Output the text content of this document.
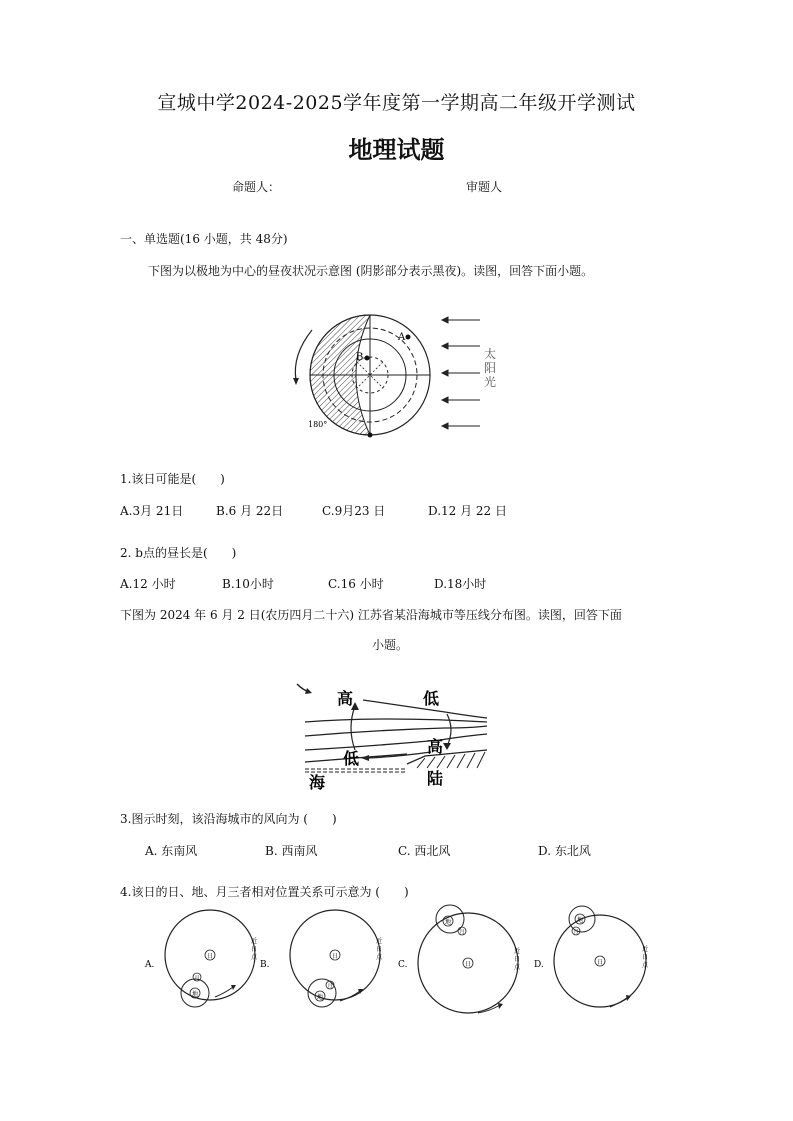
宣城中学2024-2025学年度第一学期高二年级开学测试
地理试题
命题人：	审题人
一、单选题(16 小题，共 48分)
下图为以极地为中心的昼夜状况示意图 (阴影部分表示黑夜)。读图，回答下面小题。
A
B
180°
太
阳
光
1.该日可能是(　　)
A.3月 21日	B.6 月 22日	C.9月23 日	D.12 月 22 日
2. b点的昼长是(　　)
A.12 小时	B.10小时	C.16 小时	D.18小时
下图为 2024 年 6 月 2 日(农历四月二十六) 江苏省某沿海城市等压线分布图。读图，回答下面
小题。
高	低
低
高
海	陆
3.图示时刻，该沿海城市的风向为 (　　)
A. 东南风	B. 西南风	C. 西北风	D. 东北风
4.该日的日、地、月三者相对位置关系可示意为 (　　)
A.
日
地
月
近
日
点	日
地
月
近
日
点
C.	日
地
月
近
日
点 D.	日
地
月
近
日
点
B.
